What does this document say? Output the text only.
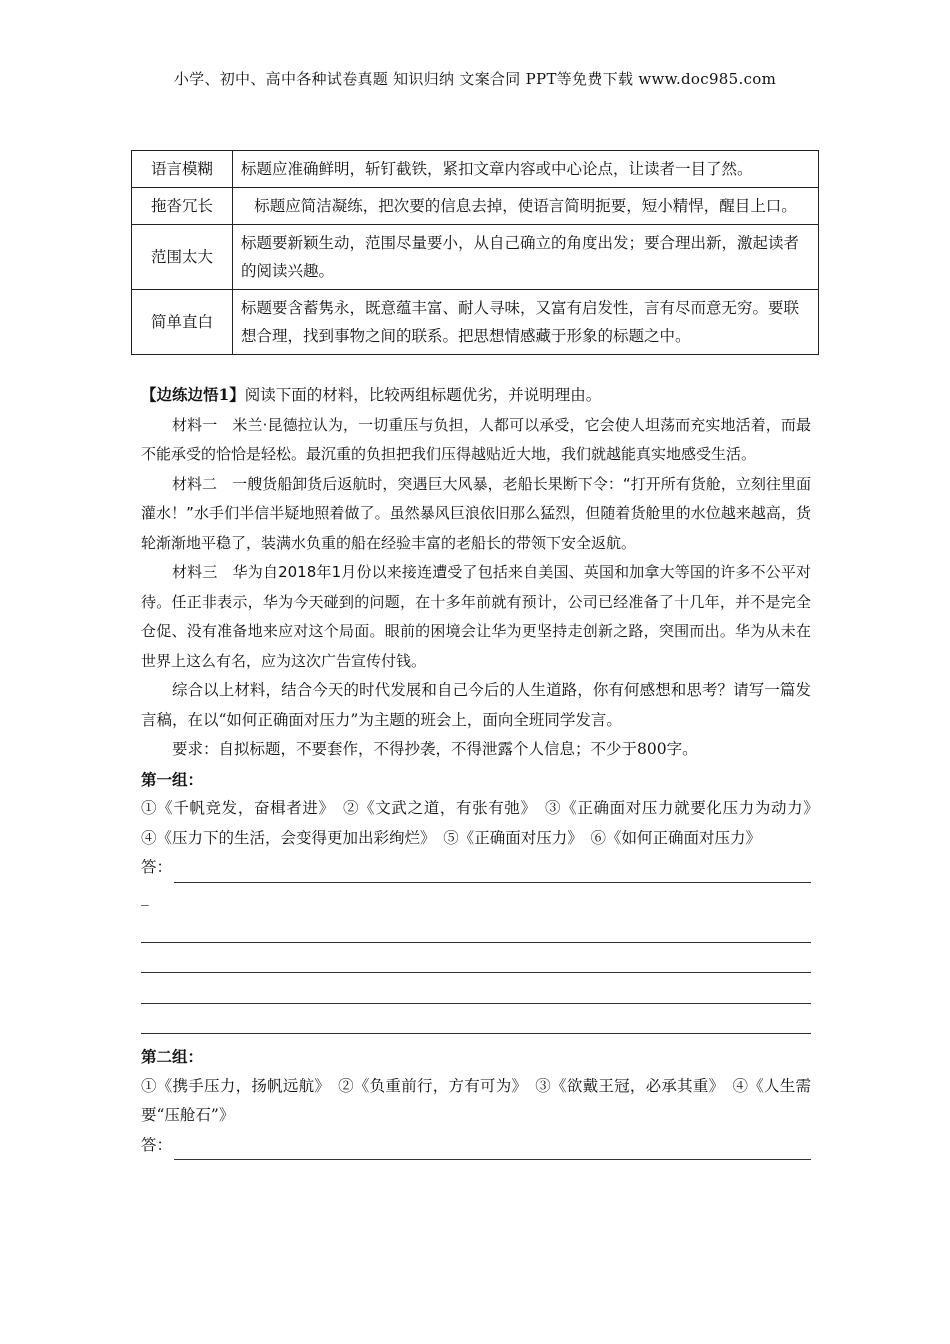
小学、初中、高中各种试卷真题 知识归纳 文案合同 PPT等免费下载 www.doc985.com
语言模糊	标题应准确鲜明，斩钉截铁，紧扣文章内容或中心论点，让读者一目了然。
拖沓冗长	标题应简洁凝练，把次要的信息去掉，使语言简明扼要，短小精悍，醒目上口。
范围太大	标题要新颖生动，范围尽量要小，从自己确立的角度出发；要合理出新，激起读者的阅读兴趣。
简单直白	标题要含蓄隽永，既意蕴丰富、耐人寻味，又富有启发性，言有尽而意无穷。要联想合理，找到事物之间的联系。把思想情感藏于形象的标题之中。

【边练边悟1】阅读下面的材料，比较两组标题优劣，并说明理由。

材料一　米兰·昆德拉认为，一切重压与负担，人都可以承受，它会使人坦荡而充实地活着，而最不能承受的恰恰是轻松。最沉重的负担把我们压得越贴近大地，我们就越能真实地感受生活。

材料二　一艘货船卸货后返航时，突遇巨大风暴，老船长果断下令：“打开所有货舱，立刻往里面灌水！”水手们半信半疑地照着做了。虽然暴风巨浪依旧那么猛烈，但随着货舱里的水位越来越高，货轮渐渐地平稳了，装满水负重的船在经验丰富的老船长的带领下安全返航。

材料三　华为自2018年1月份以来接连遭受了包括来自美国、英国和加拿大等国的许多不公平对待。任正非表示，华为今天碰到的问题，在十多年前就有预计，公司已经准备了十几年，并不是完全仓促、没有准备地来应对这个局面。眼前的困境会让华为更坚持走创新之路，突围而出。华为从未在世界上这么有名，应为这次广告宣传付钱。

综合以上材料，结合今天的时代发展和自己今后的人生道路，你有何感想和思考？请写一篇发言稿，在以“如何正确面对压力”为主题的班会上，面向全班同学发言。

要求：自拟标题，不要套作，不得抄袭，不得泄露个人信息；不少于800字。

第一组：

①《千帆竞发，奋楫者进》　②《文武之道，有张有弛》　③《正确面对压力就要化压力为动力》　④《压力下的生活，会变得更加出彩绚烂》　⑤《正确面对压力》　⑥《如何正确面对压力》

答：
_

第二组：

①《携手压力，扬帆远航》　②《负重前行，方有可为》　③《欲戴王冠，必承其重》　④《人生需要“压舱石”》

答：
